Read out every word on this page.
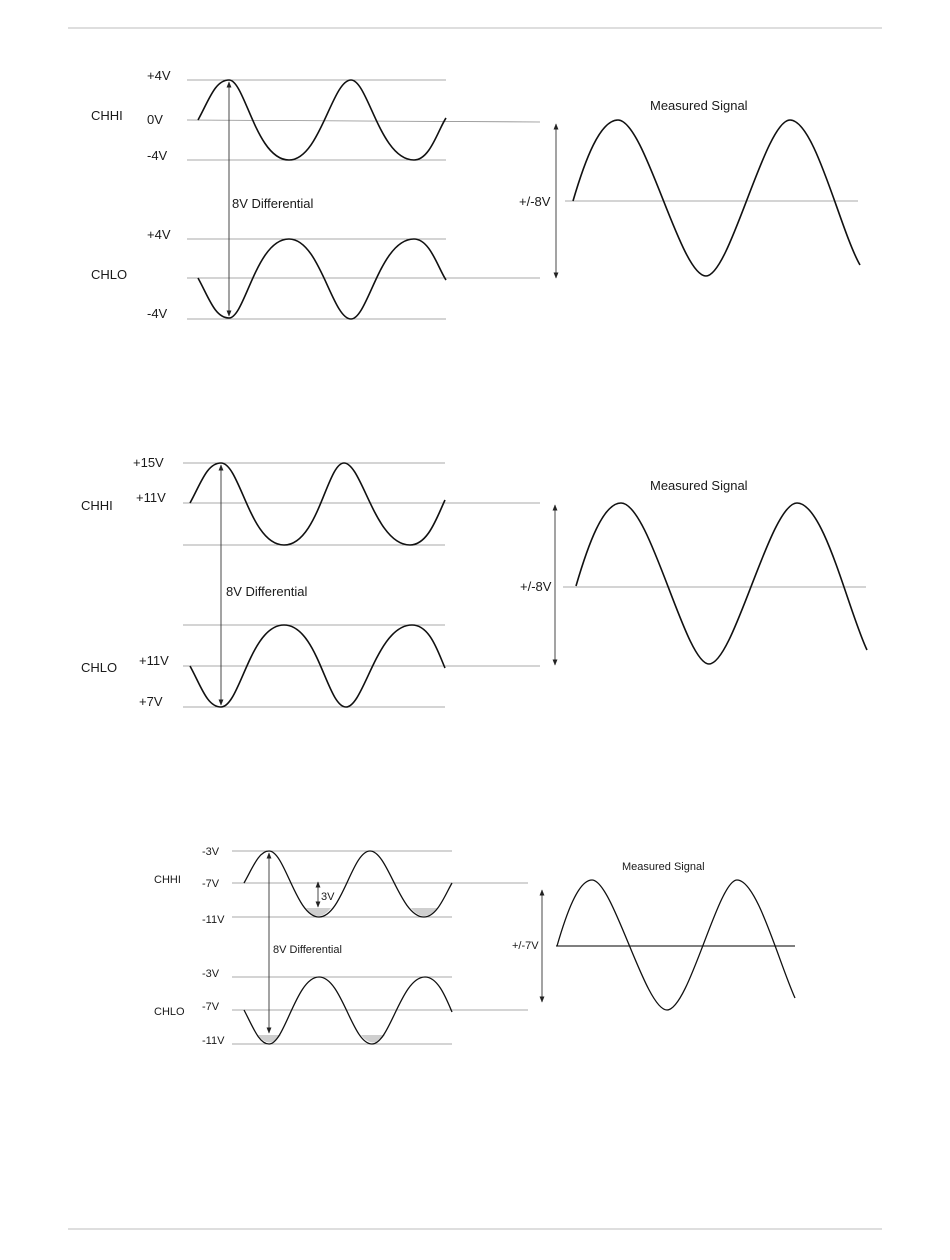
+4V
0V
-4V
+4V
-4V
CHHI
CHLO
8V Differential
Measured Signal
+/-8V
+15V
+11V
+11V
+7V
CHHI
CHLO
8V Differential
Measured Signal
+/-8V
3V
-3V
-7V
-11V
-3V
-7V
-11V
CHHI
CHLO
8V Differential
Measured Signal
+/-7V
